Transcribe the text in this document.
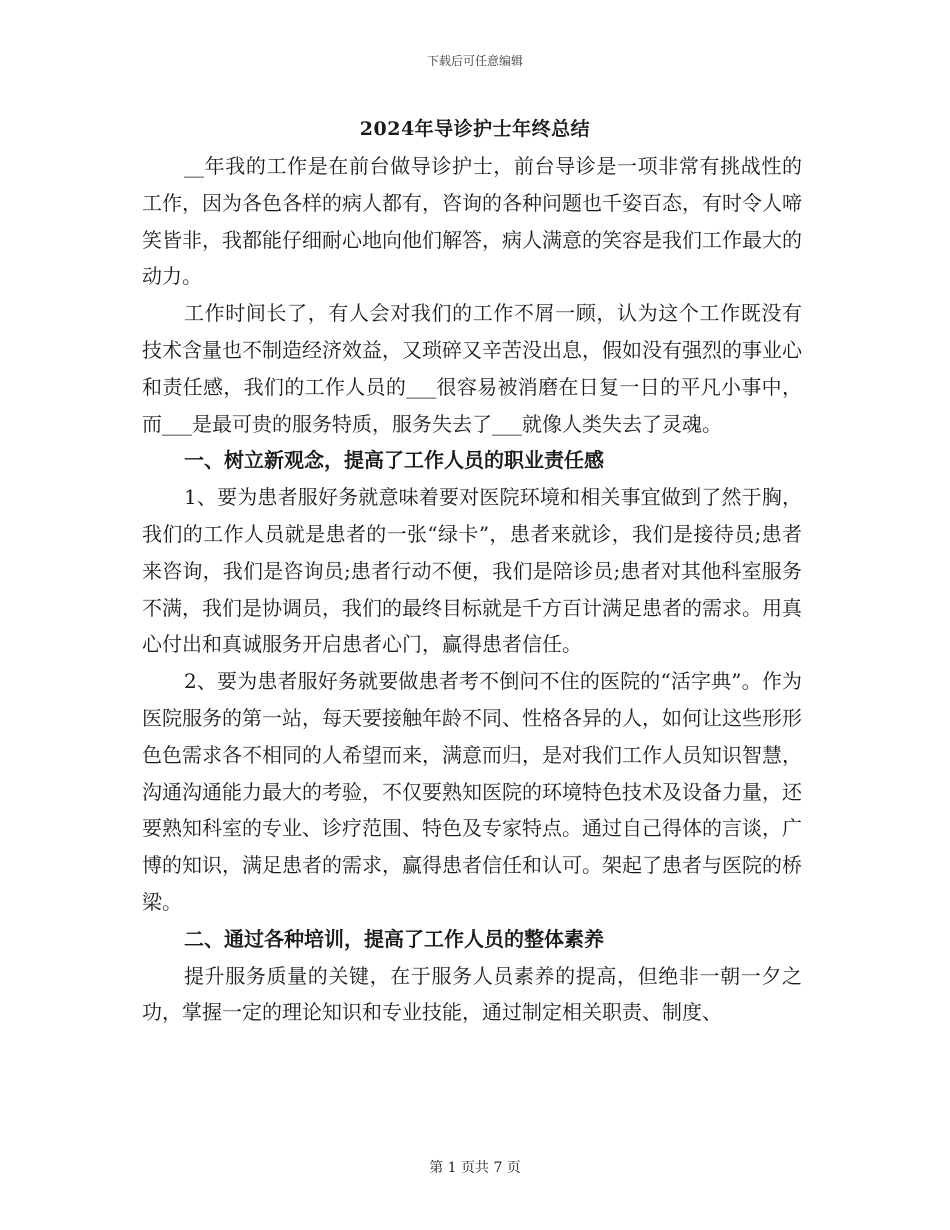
下载后可任意编辑
2024年导诊护士年终总结

__年我的工作是在前台做导诊护士，前台导诊是一项非常有挑战性的工作，因为各色各样的病人都有，咨询的各种问题也千姿百态，有时令人啼笑皆非，我都能仔细耐心地向他们解答，病人满意的笑容是我们工作最大的动力。

工作时间长了，有人会对我们的工作不屑一顾，认为这个工作既没有技术含量也不制造经济效益，又琐碎又辛苦没出息，假如没有强烈的事业心和责任感，我们的工作人员的___很容易被消磨在日复一日的平凡小事中，而___是最可贵的服务特质，服务失去了___就像人类失去了灵魂。

一、树立新观念，提高了工作人员的职业责任感

1、要为患者服好务就意味着要对医院环境和相关事宜做到了然于胸，我们的工作人员就是患者的一张“绿卡”，患者来就诊，我们是接待员;患者来咨询，我们是咨询员;患者行动不便，我们是陪诊员;患者对其他科室服务不满，我们是协调员，我们的最终目标就是千方百计满足患者的需求。用真心付出和真诚服务开启患者心门，赢得患者信任。

2、要为患者服好务就要做患者考不倒问不住的医院的“活字典”。作为医院服务的第一站，每天要接触年龄不同、性格各异的人，如何让这些形形色色需求各不相同的人希望而来，满意而归，是对我们工作人员知识智慧，沟通沟通能力最大的考验，不仅要熟知医院的环境特色技术及设备力量，还要熟知科室的专业、诊疗范围、特色及专家特点。通过自己得体的言谈，广博的知识，满足患者的需求，赢得患者信任和认可。架起了患者与医院的桥梁。

二、通过各种培训，提高了工作人员的整体素养

提升服务质量的关键，在于服务人员素养的提高，但绝非一朝一夕之功，掌握一定的理论知识和专业技能，通过制定相关职责、制度、

第 1 页共 7 页
